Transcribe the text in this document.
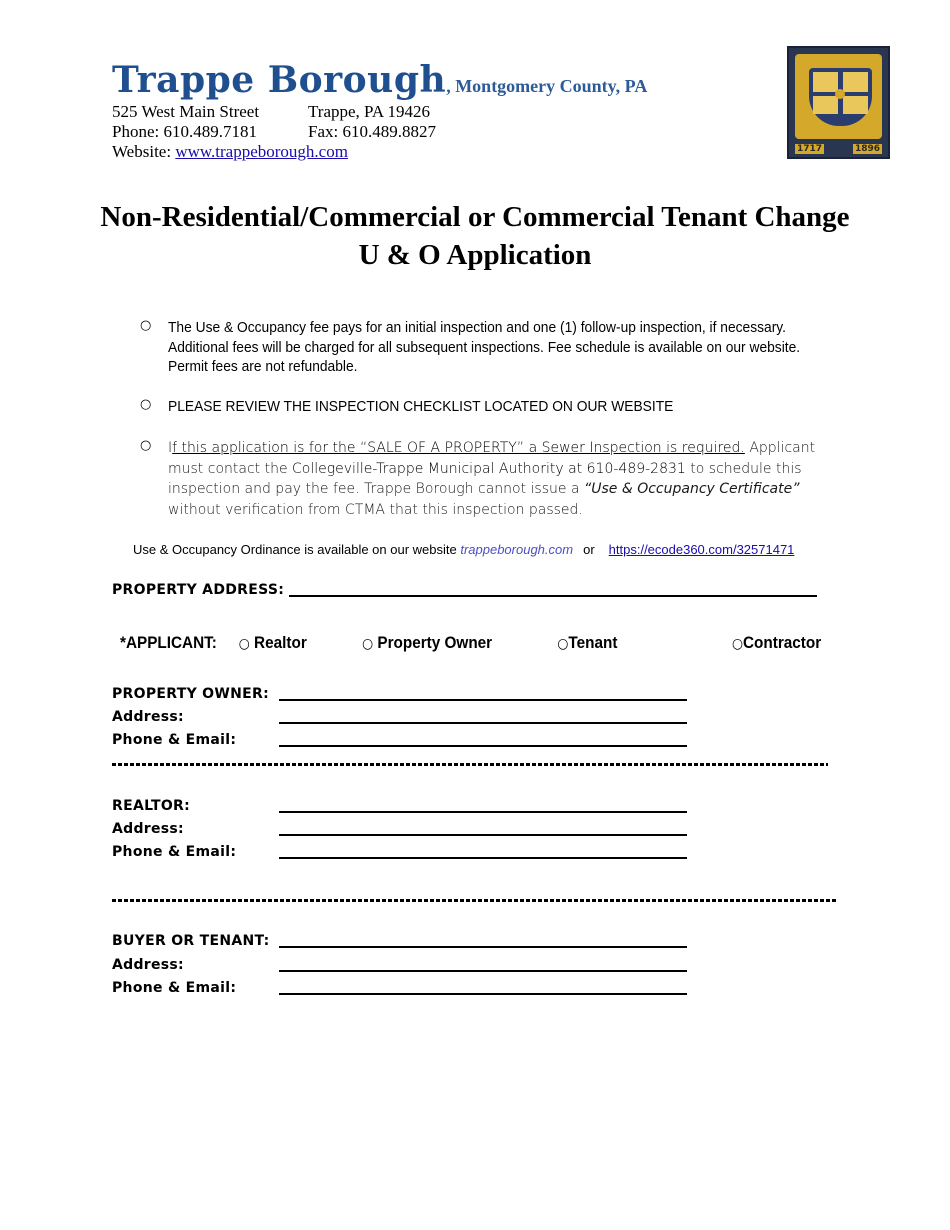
Trappe Borough, Montgomery County, PA
525 West Main Street	Trappe, PA 19426
Phone: 610.489.7181	Fax: 610.489.8827
Website: www.trappeborough.com	1717	1896
Non-Residential/Commercial or Commercial Tenant Change
U & O Application
○ The Use & Occupancy fee pays for an initial inspection and one (1) follow-up inspection, if necessary. Additional fees will be charged for all subsequent inspections. Fee schedule is available on our website. Permit fees are not refundable.
○ PLEASE REVIEW THE INSPECTION CHECKLIST LOCATED ON OUR WEBSITE
○ If this application is for the “SALE OF A PROPERTY” a Sewer Inspection is required. Applicant must contact the Collegeville-Trappe Municipal Authority at 610-489-2831 to schedule this inspection and pay the fee. Trappe Borough cannot issue a “Use & Occupancy Certificate” without verification from CTMA that this inspection passed.
Use & Occupancy Ordinance is available on our website trappeborough.com or https://ecode360.com/32571471
PROPERTY ADDRESS:
*APPLICANT: ○ Realtor	○ Property Owner	○Tenant	○Contractor
PROPERTY OWNER:
Address:
Phone & Email:
REALTOR:
Address:
Phone & Email:
BUYER OR TENANT:
Address:
Phone & Email:
